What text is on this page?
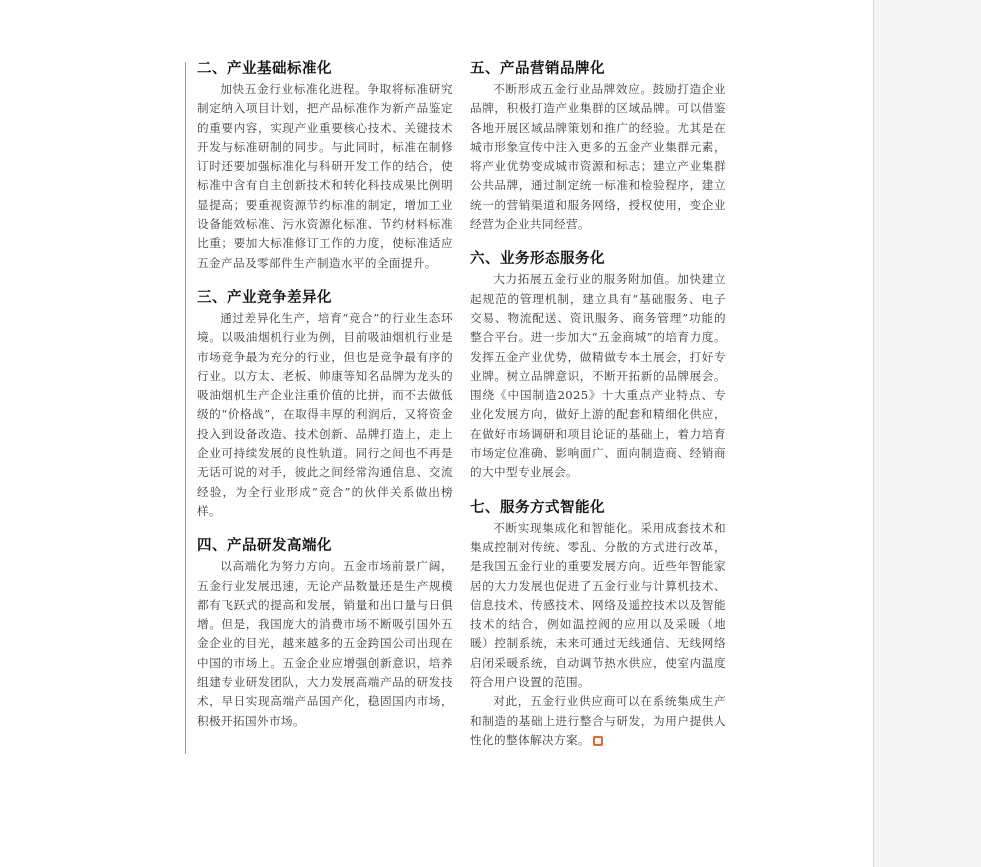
二、产业基础标准化

加快五金行业标准化进程。争取将标准研究制定纳入项目计划，把产品标准作为新产品鉴定的重要内容，实现产业重要核心技术、关键技术开发与标准研制的同步。与此同时，标准在制修订时还要加强标准化与科研开发工作的结合，使标准中含有自主创新技术和转化科技成果比例明显提高；要重视资源节约标准的制定，增加工业设备能效标准、污水资源化标准、节约材料标准比重；要加大标准修订工作的力度，使标准适应五金产品及零部件生产制造水平的全面提升。

三、产业竞争差异化

通过差异化生产，培育“竞合”的行业生态环境。以吸油烟机行业为例，目前吸油烟机行业是市场竞争最为充分的行业，但也是竞争最有序的行业。以方太、老板、帅康等知名品牌为龙头的吸油烟机生产企业注重价值的比拼，而不去做低级的“价格战”，在取得丰厚的利润后，又将资金投入到设备改造、技术创新、品牌打造上，走上企业可持续发展的良性轨道。同行之间也不再是无话可说的对手，彼此之间经常沟通信息、交流经验，为全行业形成“竞合”的伙伴关系做出榜样。

四、产品研发高端化

以高端化为努力方向。五金市场前景广阔，五金行业发展迅速，无论产品数量还是生产规模都有飞跃式的提高和发展，销量和出口量与日俱增。但是，我国庞大的消费市场不断吸引国外五金企业的目光，越来越多的五金跨国公司出现在中国的市场上。五金企业应增强创新意识，培养组建专业研发团队，大力发展高端产品的研发技术，早日实现高端产品国产化，稳固国内市场，积极开拓国外市场。

五、产品营销品牌化

不断形成五金行业品牌效应。鼓励打造企业品牌，积极打造产业集群的区域品牌。可以借鉴各地开展区域品牌策划和推广的经验。尤其是在城市形象宣传中注入更多的五金产业集群元素，将产业优势变成城市资源和标志；建立产业集群公共品牌，通过制定统一标准和检验程序，建立统一的营销渠道和服务网络，授权使用，变企业经营为企业共同经营。

六、业务形态服务化

大力拓展五金行业的服务附加值。加快建立起规范的管理机制，建立具有“基础服务、电子交易、物流配送、资讯服务、商务管理”功能的整合平台。进一步加大“五金商城”的培育力度。发挥五金产业优势，做精做专本土展会，打好专业牌。树立品牌意识，不断开拓新的品牌展会。围绕《中国制造2025》十大重点产业特点、专业化发展方向，做好上游的配套和精细化供应，在做好市场调研和项目论证的基础上，着力培育市场定位准确、影响面广、面向制造商、经销商的大中型专业展会。

七、服务方式智能化

不断实现集成化和智能化。采用成套技术和集成控制对传统、零乱、分散的方式进行改革，是我国五金行业的重要发展方向。近些年智能家居的大力发展也促进了五金行业与计算机技术、信息技术、传感技术、网络及遥控技术以及智能技术的结合，例如温控阀的应用以及采暖（地暖）控制系统，未来可通过无线通信、无线网络启闭采暖系统，自动调节热水供应，使室内温度符合用户设置的范围。

对此，五金行业供应商可以在系统集成生产和制造的基础上进行整合与研发，为用户提供人性化的整体解决方案。
